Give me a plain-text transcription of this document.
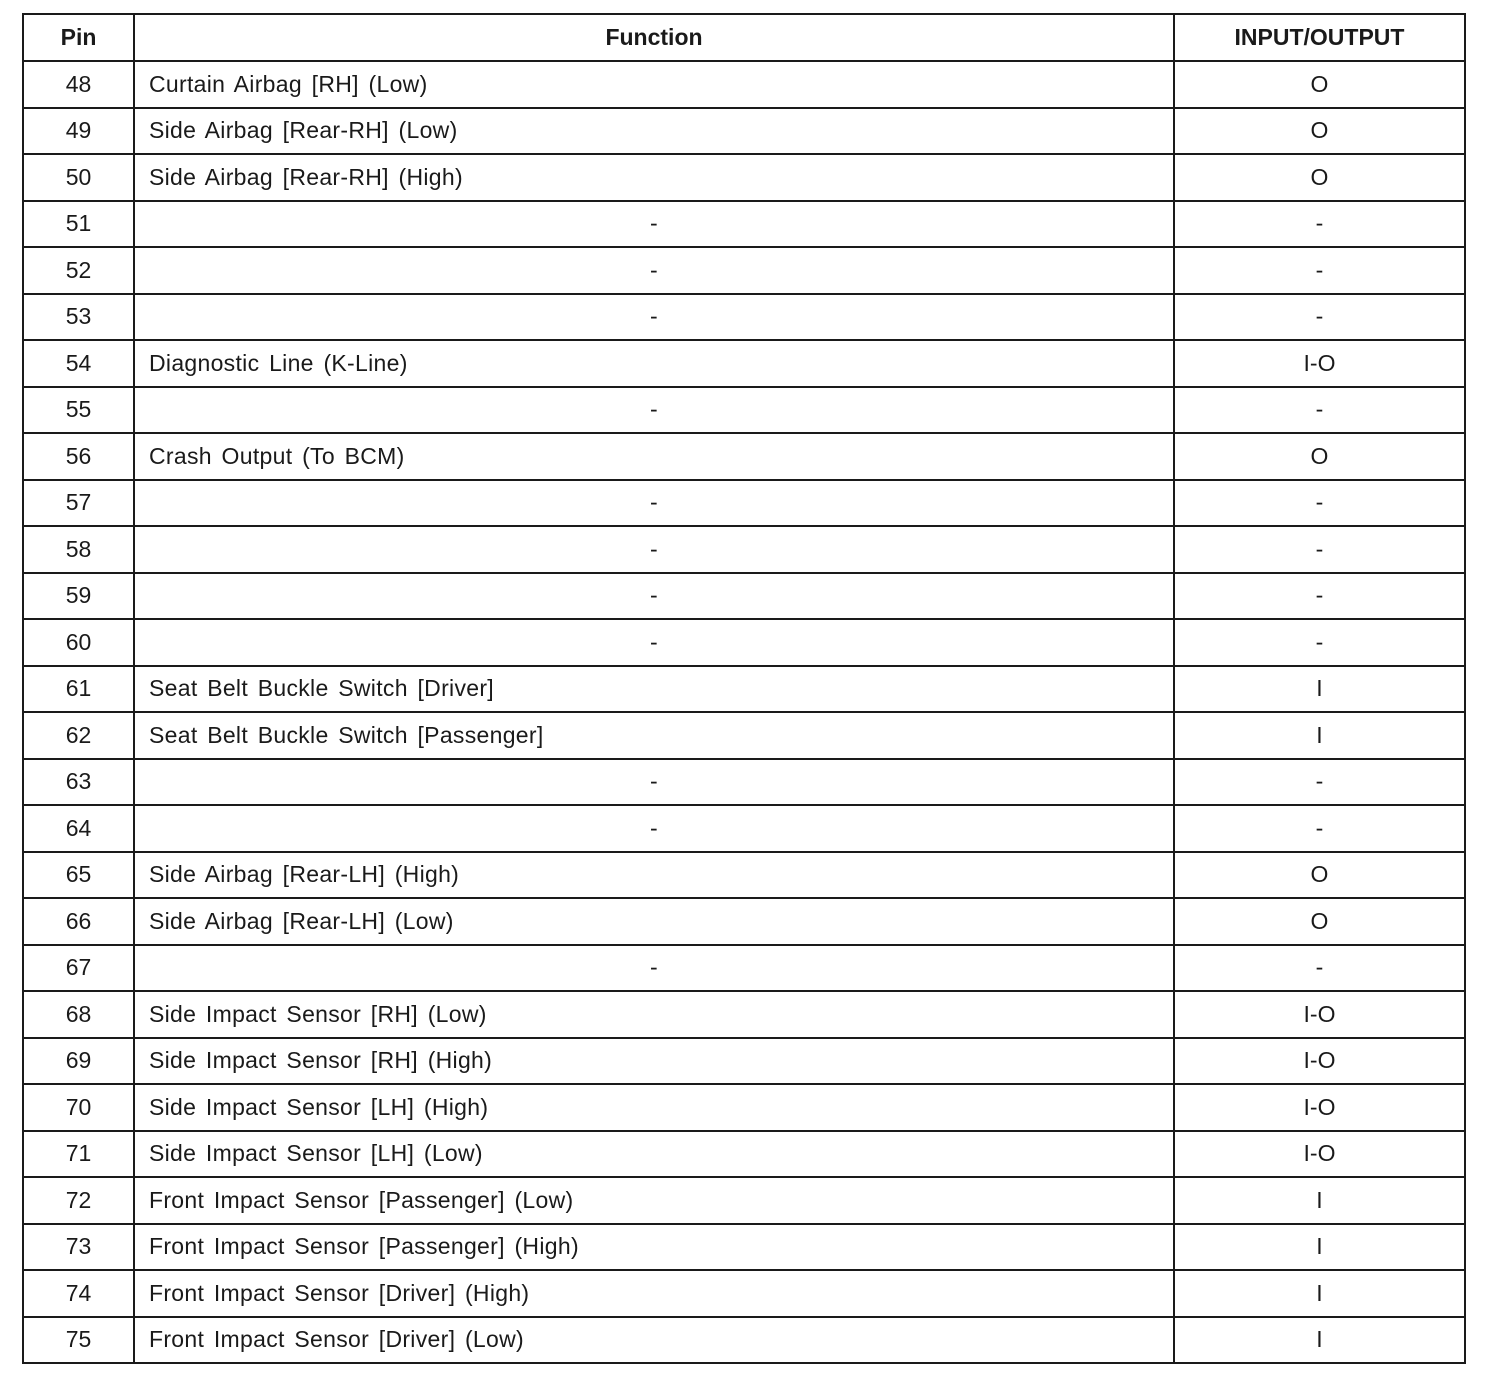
Pin	Function	INPUT/OUTPUT
48	Curtain Airbag [RH] (Low)	O
49	Side Airbag [Rear-RH] (Low)	O
50	Side Airbag [Rear-RH] (High)	O
51	-	-
52	-	-
53	-	-
54	Diagnostic Line (K-Line)	I-O
55	-	-
56	Crash Output (To BCM)	O
57	-	-
58	-	-
59	-	-
60	-	-
61	Seat Belt Buckle Switch [Driver]	I
62	Seat Belt Buckle Switch [Passenger]	I
63	-	-
64	-	-
65	Side Airbag [Rear-LH] (High)	O
66	Side Airbag [Rear-LH] (Low)	O
67	-	-
68	Side Impact Sensor [RH] (Low)	I-O
69	Side Impact Sensor [RH] (High)	I-O
70	Side Impact Sensor [LH] (High)	I-O
71	Side Impact Sensor [LH] (Low)	I-O
72	Front Impact Sensor [Passenger] (Low)	I
73	Front Impact Sensor [Passenger] (High)	I
74	Front Impact Sensor [Driver] (High)	I
75	Front Impact Sensor [Driver] (Low)	I
